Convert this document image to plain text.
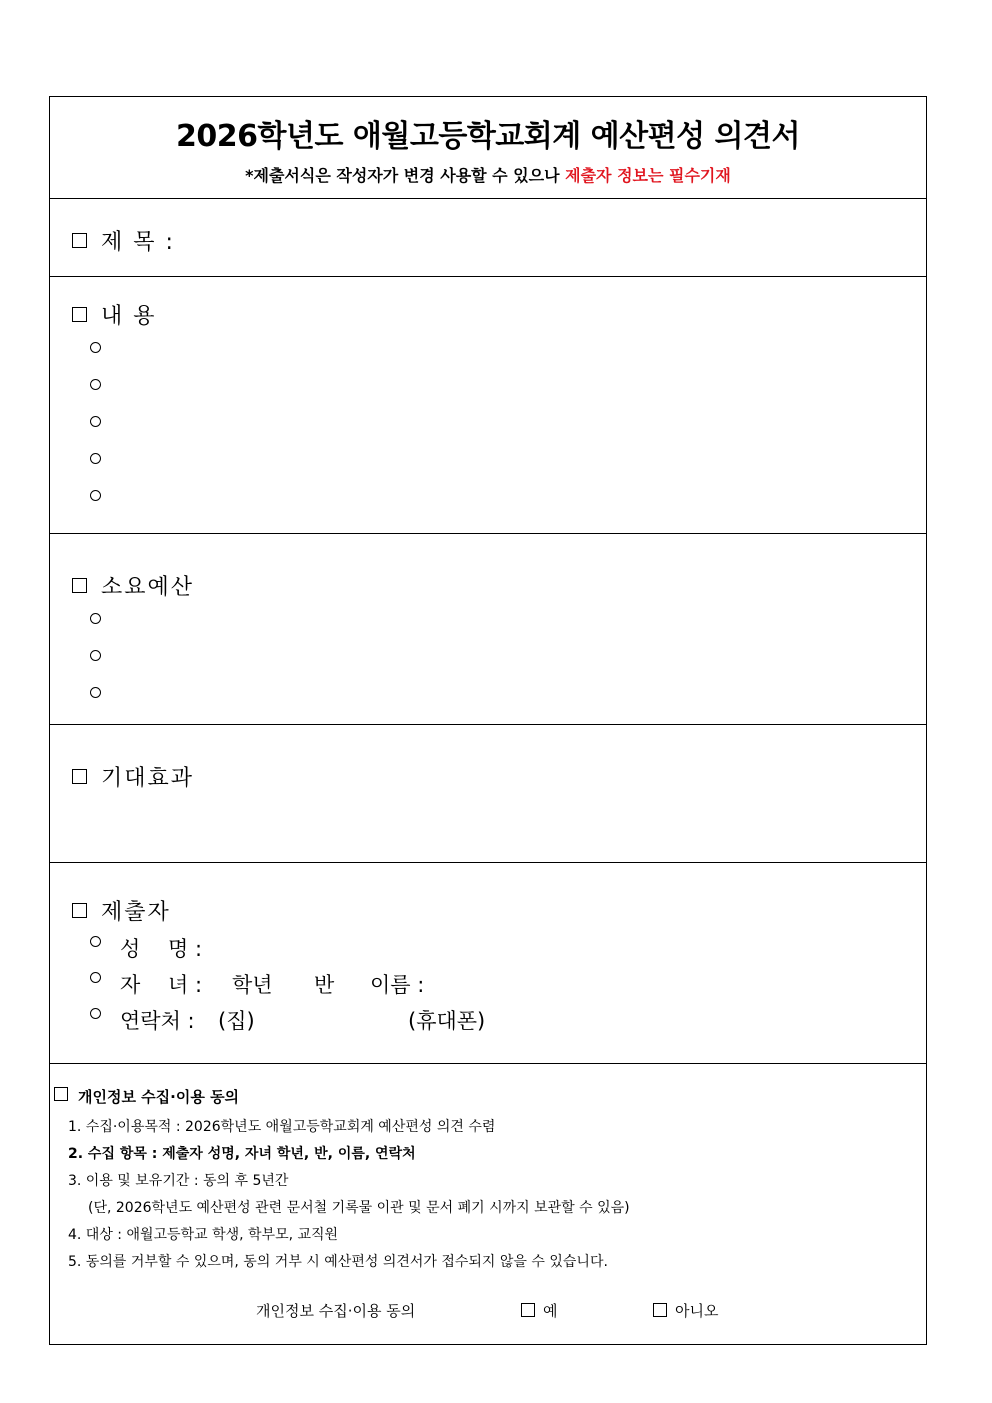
2026학년도 애월고등학교회계 예산편성 의견서
*제출서식은 작성자가 변경 사용할 수 있으나 제출자 정보는 필수기재
제 목 :
내 용
소요예산
기대효과
제출자
성 명 :
자 녀 : 학년 반 이름 :
연락처 : (집)	(휴대폰)
개인정보 수집·이용 동의
1. 수집·이용목적 : 2026학년도 애월고등학교회계 예산편성 의견 수렴
2. 수집 항목 : 제출자 성명, 자녀 학년, 반, 이름, 연락처
3. 이용 및 보유기간 : 동의 후 5년간
(단, 2026학년도 예산편성 관련 문서철 기록물 이관 및 문서 폐기 시까지 보관할 수 있음)
4. 대상 : 애월고등학교 학생, 학부모, 교직원
5. 동의를 거부할 수 있으며, 동의 거부 시 예산편성 의견서가 접수되지 않을 수 있습니다.
개인정보 수집·이용 동의	예	아니오
